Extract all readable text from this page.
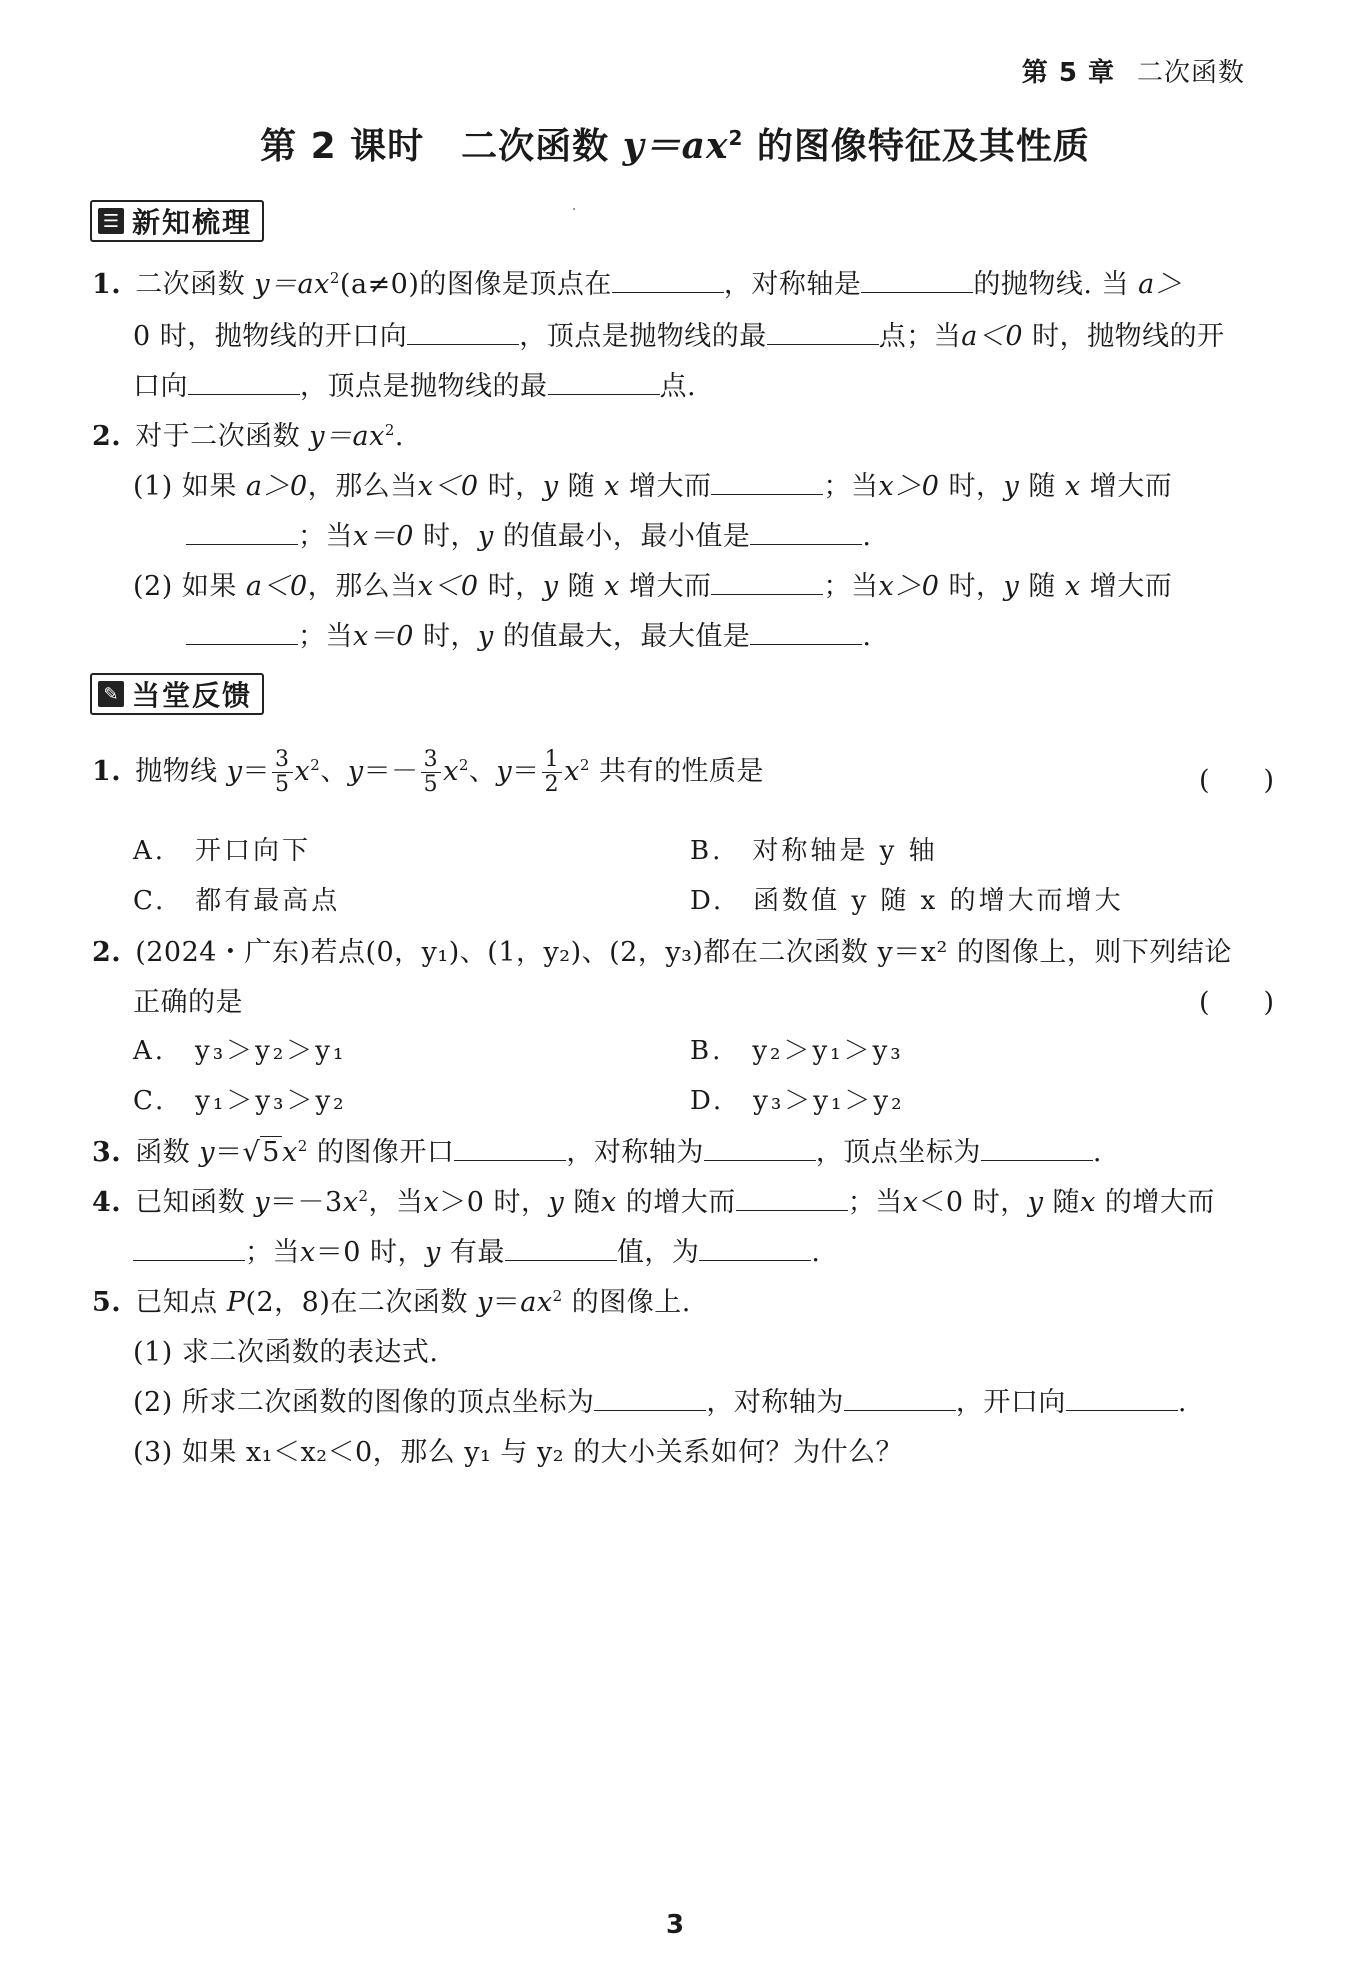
第 5 章 二次函数
第 2 课时　二次函数 $y=ax^2$ 的图像特征及其性质
☰ 新知梳理
1. 二次函数 $y=ax^2(a\ne 0)$的图像是顶点在	，对称轴是	的抛物线. 当 a＞
0 时，抛物线的开口向	，顶点是抛物线的最	点；当a＜0 时，抛物线的开
口向	，顶点是抛物线的最	点.
2. 对于二次函数 $y=ax^2$.
(1) 如果 a＞0，那么当x＜0 时，y 随 x 增大而	；当x＞0 时，y 随 x 增大而
；当x＝0 时，y 的值最小，最小值是	.
(2) 如果 a＜0，那么当x＜0 时，y 随 x 增大而	；当x＞0 时，y 随 x 增大而
；当x＝0 时，y 的值最大，最大值是	.
✎ 当堂反馈
1. 抛物线 $y= \frac{3}{5} x^2$、$y=- \frac{3}{5} x^2$、$y= \frac{1}{2} x^2$ 共有的性质是	(　　)
A.　开口向下	B.　对称轴是 y 轴
C.　都有最高点	D.　函数值 y 随 x 的增大而增大
2. (2024・广东)若点(0，y₁)、(1，y₂)、(2，y₃)都在二次函数 y＝x² 的图像上，则下列结论
正确的是	(　　)
A.　y₃＞y₂＞y₁	B.　y₂＞y₁＞y₃
C.　y₁＞y₃＞y₂	D.　y₃＞y₁＞y₂
3. 函数 $y=√5x^2$ 的图像开口	，对称轴为	，顶点坐标为	.
4. 已知函数 $y=-3x^2$，当x＞0 时，y 随x 的增大而	；当x＜0 时，y 随x 的增大而
；当x＝0 时，y 有最	值，为	.
5. 已知点 P(2，8)在二次函数 $y=ax^2$ 的图像上.
(1) 求二次函数的表达式.
(2) 所求二次函数的图像的顶点坐标为	，对称轴为	，开口向	.
(3) 如果 x₁＜x₂＜0，那么 y₁ 与 y₂ 的大小关系如何？为什么？
3
